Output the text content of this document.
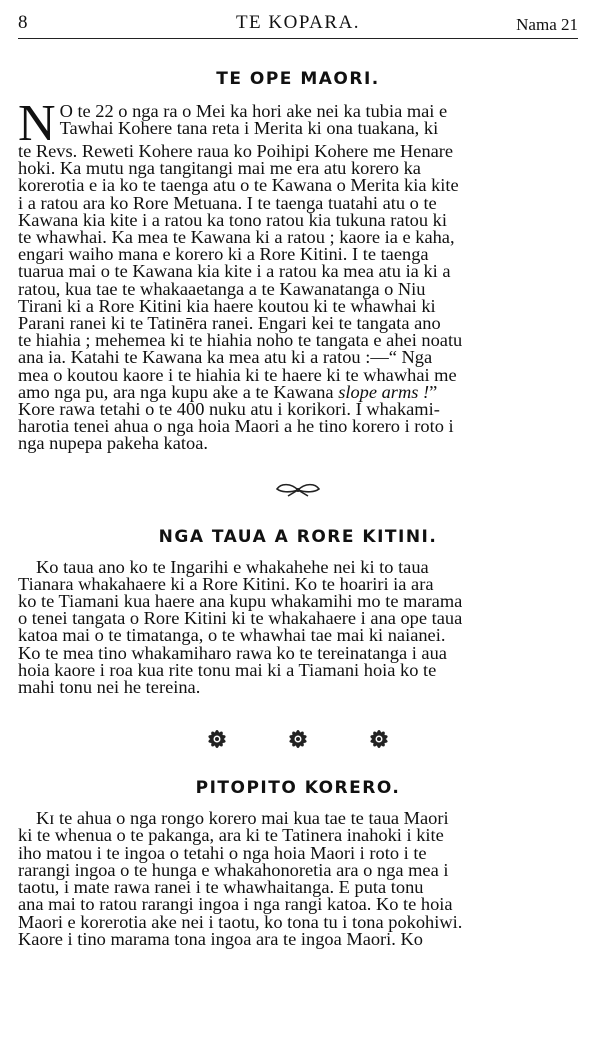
8	TE KOPARA.	Nama 21
TE OPE MAORI.
N O te 22 o nga ra o Mei ka hori ake nei ka tubia mai e
Tawhai Kohere tana reta i Merita ki ona tuakana, ki
te Revs. Reweti Kohere raua ko Poihipi Kohere me Henare
hoki. Ka mutu nga tangitangi mai me era atu korero ka
korerotia e ia ko te taenga atu o te Kawana o Merita kia kite
i a ratou ara ko Rore Metuana. I te taenga tuatahi atu o te
Kawana kia kite i a ratou ka tono ratou kia tukuna ratou ki
te whawhai. Ka mea te Kawana ki a ratou ; kaore ia e kaha,
engari waiho mana e korero ki a Rore Kitini. I te taenga
tuarua mai o te Kawana kia kite i a ratou ka mea atu ia ki a
ratou, kua tae te whakaaetanga a te Kawanatanga o Niu
Tirani ki a Rore Kitini kia haere koutou ki te whawhai ki
Parani ranei ki te Tatinēra ranei. Engari kei te tangata ano
te hiahia ; mehemea ki te hiahia noho te tangata e ahei noatu
ana ia. Katahi te Kawana ka mea atu ki a ratou :—“ Nga
mea o koutou kaore i te hiahia ki te haere ki te whawhai me
amo nga pu, ara nga kupu ake a te Kawana slope arms !”
Kore rawa tetahi o te 400 nuku atu i korikori. I whakami-
harotia tenei ahua o nga hoia Maori a he tino korero i roto i
nga nupepa pakeha katoa.
NGA TAUA A RORE KITINI.
Ko taua ano ko te Ingarihi e whakahehe nei ki to taua
Tianara whakahaere ki a Rore Kitini. Ko te hoariri ia ara
ko te Tiamani kua haere ana kupu whakamihi mo te marama
o tenei tangata o Rore Kitini ki te whakahaere i ana ope taua
katoa mai o te timatanga, o te whawhai tae mai ki naianei.
Ko te mea tino whakamiharo rawa ko te tereinatanga i aua
hoia kaore i roa kua rite tonu mai ki a Tiamani hoia ko te
mahi tonu nei he tereina.

PITOPITO KORERO.
Kɪ te ahua o nga rongo korero mai kua tae te taua Maori
ki te whenua o te pakanga, ara ki te Tatinera inahoki i kite
iho matou i te ingoa o tetahi o nga hoia Maori i roto i te
rarangi ingoa o te hunga e whakahonoretia ara o nga mea i
taotu, i mate rawa ranei i te whawhaitanga. E puta tonu
ana mai to ratou rarangi ingoa i nga rangi katoa. Ko te hoia
Maori e korerotia ake nei i taotu, ko tona tu i tona pokohiwi.
Kaore i tino marama tona ingoa ara te ingoa Maori. Ko
